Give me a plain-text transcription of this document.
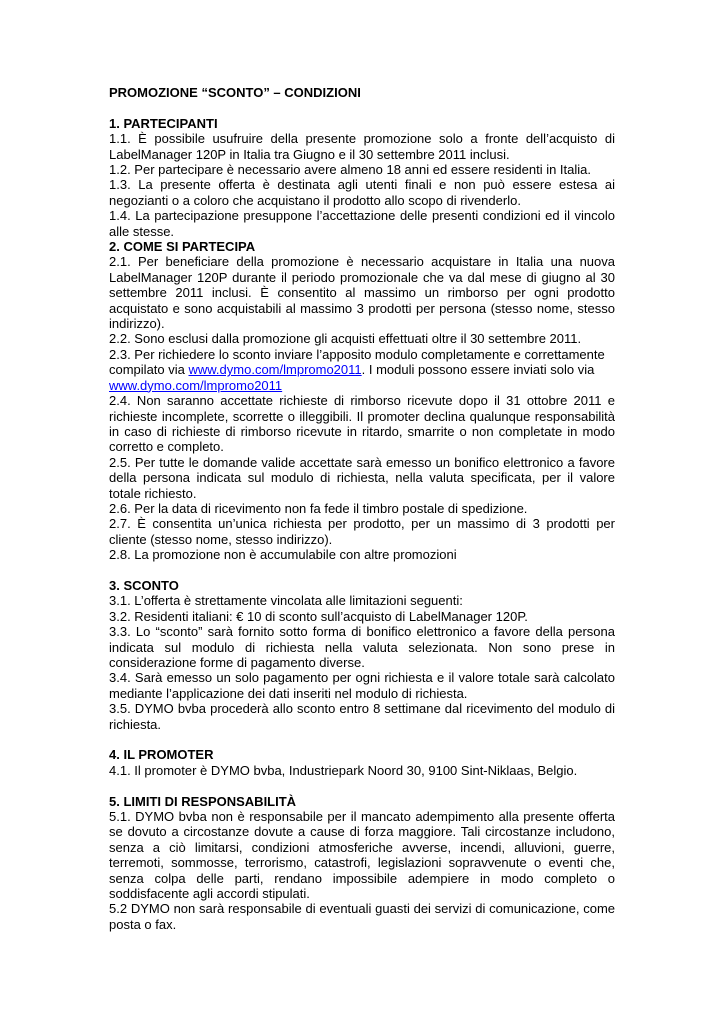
PROMOZIONE “SCONTO” – CONDIZIONI

1. PARTECIPANTI

1.1. È possibile usufruire della presente promozione solo a fronte dell’acquisto di LabelManager 120P in Italia tra Giugno e il 30 settembre 2011 inclusi.

1.2. Per partecipare è necessario avere almeno 18 anni ed essere residenti in Italia.

1.3. La presente offerta è destinata agli utenti finali e non può essere estesa ai negozianti o a coloro che acquistano il prodotto allo scopo di rivenderlo.

1.4. La partecipazione presuppone l’accettazione delle presenti condizioni ed il vincolo alle stesse.

2. COME SI PARTECIPA

2.1. Per beneficiare della promozione è necessario acquistare in Italia una nuova LabelManager 120P durante il periodo promozionale che va dal mese di giugno al 30 settembre 2011 inclusi. È consentito al massimo un rimborso per ogni prodotto acquistato e sono acquistabili al massimo 3 prodotti per persona (stesso nome, stesso indirizzo).

2.2. Sono esclusi dalla promozione gli acquisti effettuati oltre il 30 settembre 2011.

2.3. Per richiedere lo sconto inviare l’apposito modulo completamente e correttamente compilato via www.dymo.com/lmpromo2011. I moduli possono essere inviati solo via www.dymo.com/lmpromo2011

2.4. Non saranno accettate richieste di rimborso ricevute dopo il 31 ottobre 2011 e richieste incomplete, scorrette o illeggibili. Il promoter declina qualunque responsabilità in caso di richieste di rimborso ricevute in ritardo, smarrite o non completate in modo corretto e completo.

2.5. Per tutte le domande valide accettate sarà emesso un bonifico elettronico a favore della persona indicata sul modulo di richiesta, nella valuta specificata, per il valore totale richiesto.

2.6. Per la data di ricevimento non fa fede il timbro postale di spedizione.

2.7. È consentita un’unica richiesta per prodotto, per un massimo di 3 prodotti per cliente (stesso nome, stesso indirizzo).

2.8. La promozione non è accumulabile con altre promozioni

3. SCONTO

3.1. L’offerta è strettamente vincolata alle limitazioni seguenti:

3.2. Residenti italiani: € 10 di sconto sull’acquisto di LabelManager 120P.

3.3. Lo “sconto” sarà fornito sotto forma di bonifico elettronico a favore della persona indicata sul modulo di richiesta nella valuta selezionata. Non sono prese in considerazione forme di pagamento diverse.

3.4. Sarà emesso un solo pagamento per ogni richiesta e il valore totale sarà calcolato mediante l’applicazione dei dati inseriti nel modulo di richiesta.

3.5. DYMO bvba procederà allo sconto entro 8 settimane dal ricevimento del modulo di richiesta.

4. IL PROMOTER

4.1. Il promoter è DYMO bvba, Industriepark Noord 30, 9100 Sint-Niklaas, Belgio.

5. LIMITI DI RESPONSABILITÀ

5.1. DYMO bvba non è responsabile per il mancato adempimento alla presente offerta se dovuto a circostanze dovute a cause di forza maggiore. Tali circostanze includono, senza a ciò limitarsi, condizioni atmosferiche avverse, incendi, alluvioni, guerre, terremoti, sommosse, terrorismo, catastrofi, legislazioni sopravvenute o eventi che, senza colpa delle parti, rendano impossibile adempiere in modo completo o soddisfacente agli accordi stipulati.

5.2 DYMO non sarà responsabile di eventuali guasti dei servizi di comunicazione, come posta o fax.
